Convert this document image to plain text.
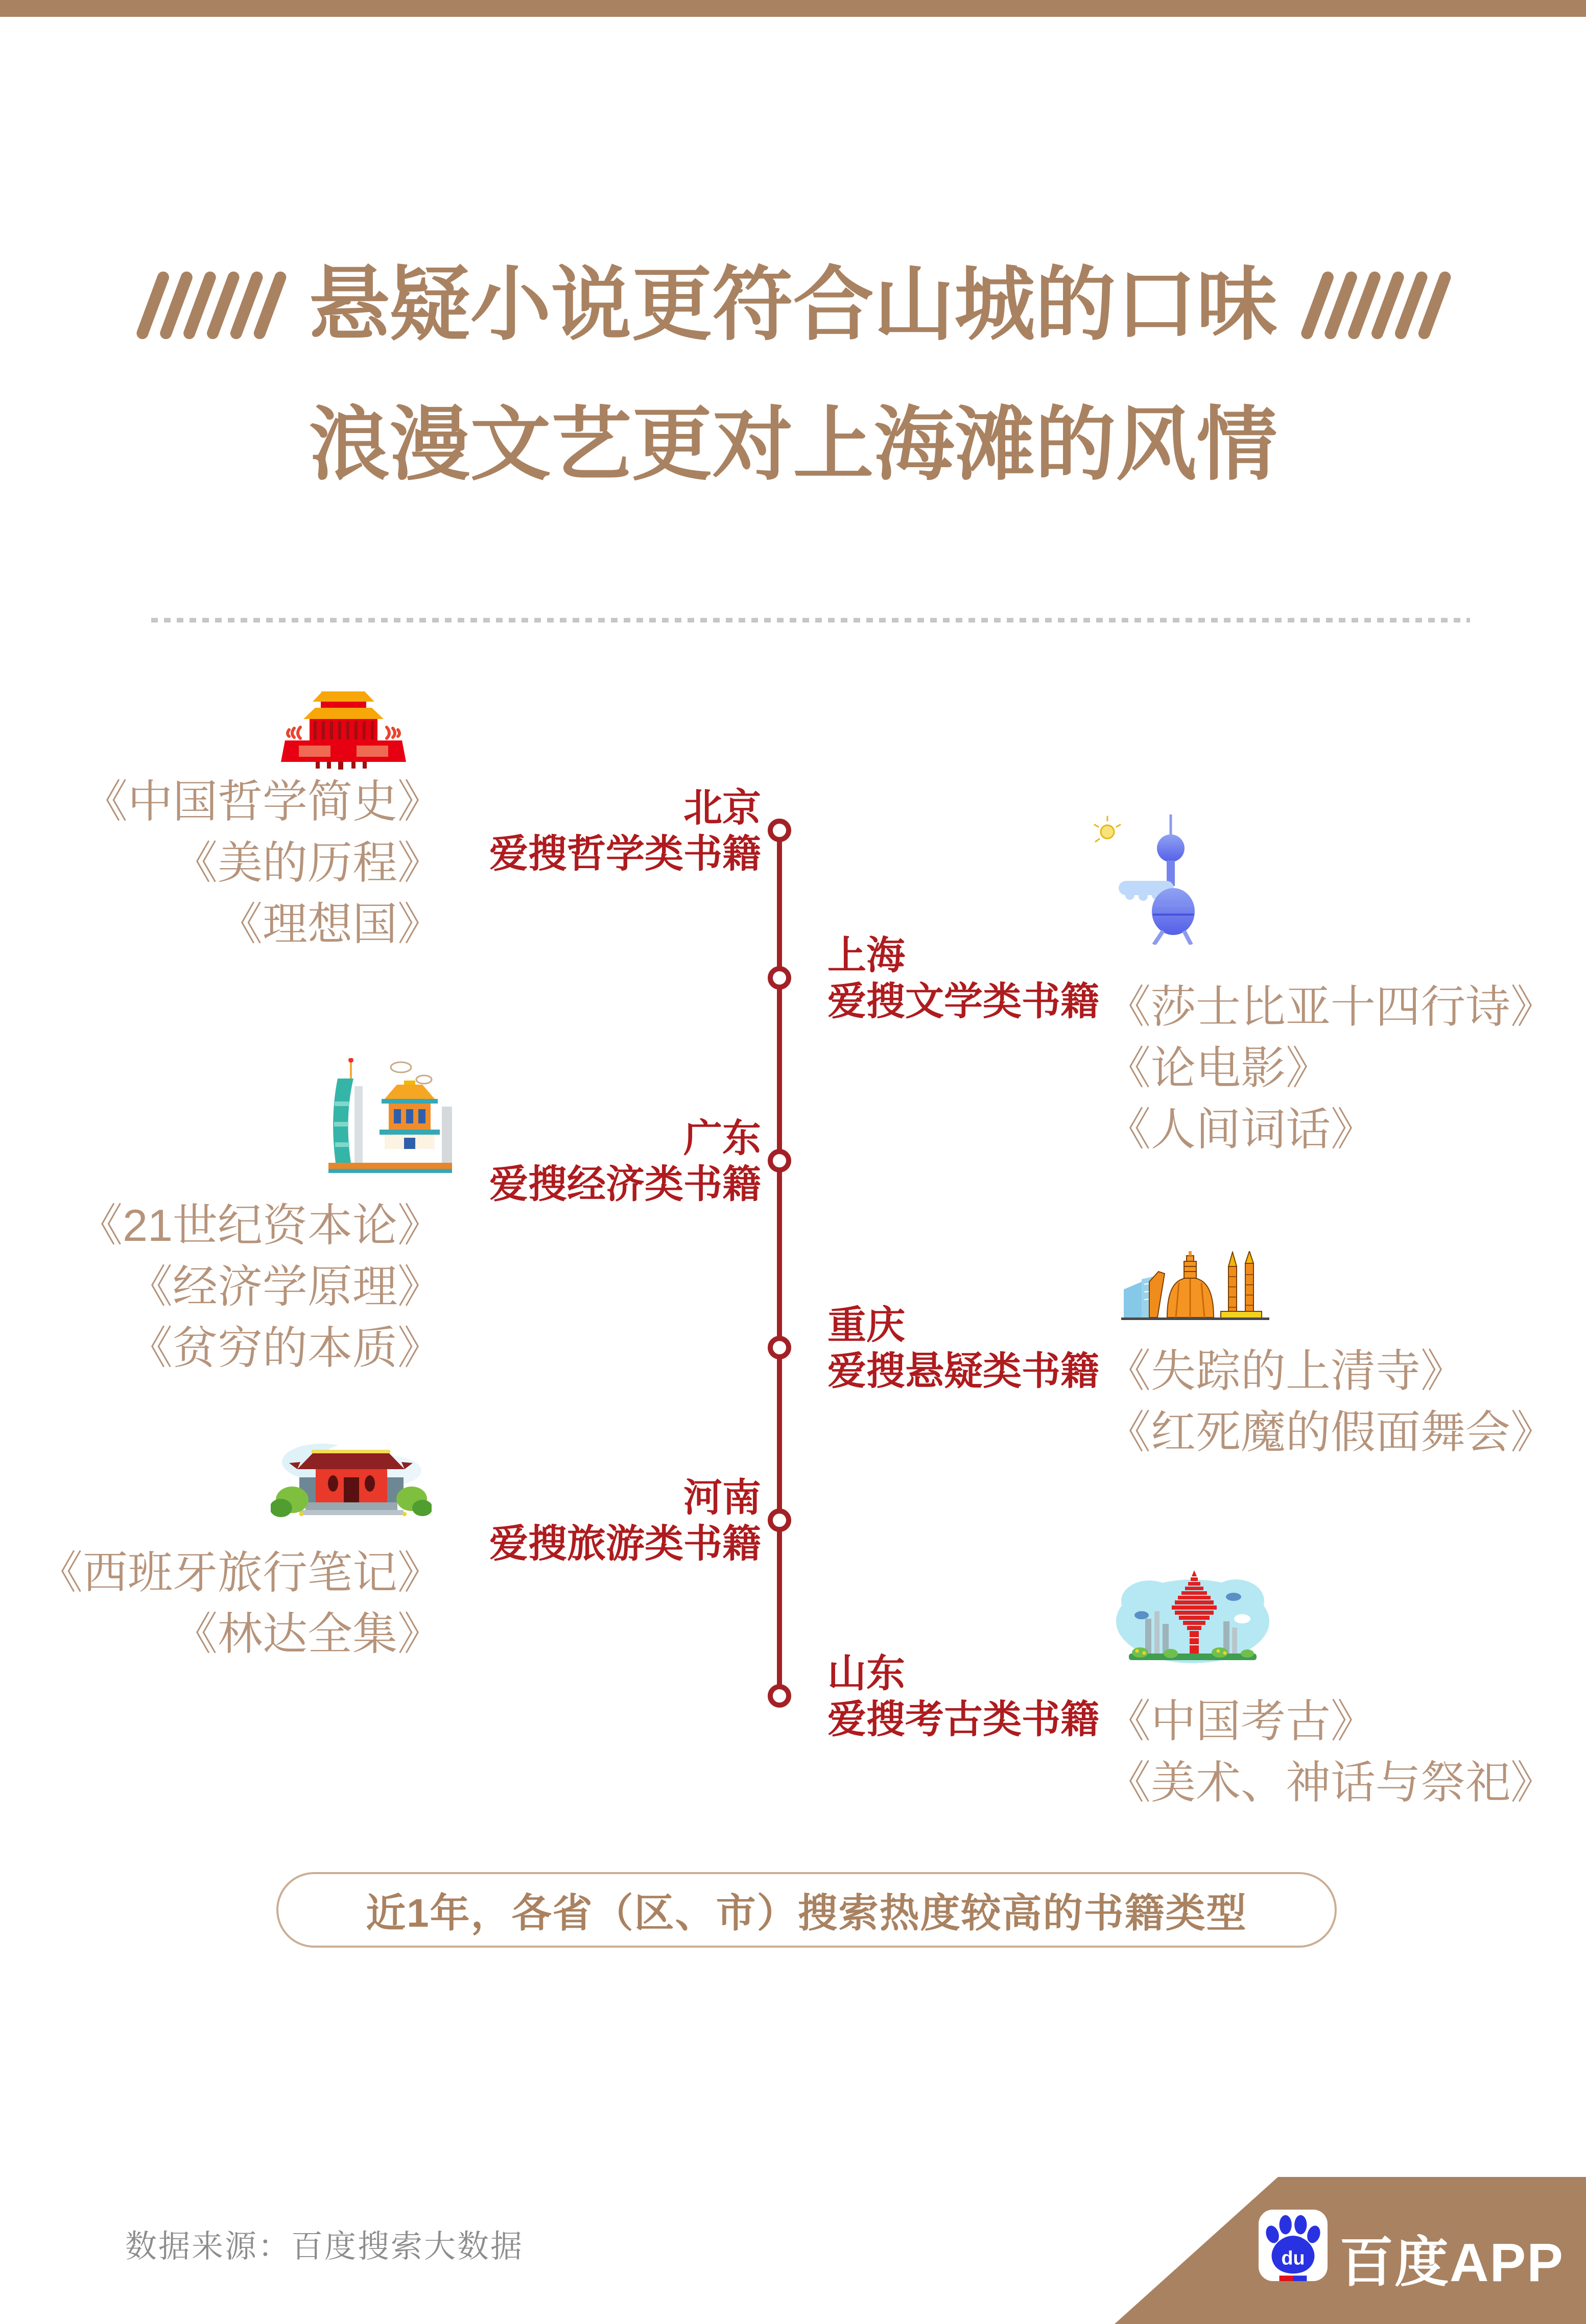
悬疑小说更符合山城的口味
浪漫文艺更对上海滩的风情
北京
爱搜哲学类书籍
《中国哲学简史》
《美的历程》
《理想国》
上海
爱搜文学类书籍 《莎士比亚十四行诗》
《论电影》
《人间词话》
广东
爱搜经济类书籍
《21世纪资本论》
《经济学原理》
《贫穷的本质》	重庆
爱搜悬疑类书籍 《失踪的上清寺》
《红死魔的假面舞会》
河南
爱搜旅游类书籍
《西班牙旅行笔记》
《林达全集》
山东
爱搜考古类书籍 《中国考古》
《美术、神话与祭祀》
近1年，各省（区、市）搜索热度较高的书籍类型
数据来源：百度搜索大数据	du 百度APP
